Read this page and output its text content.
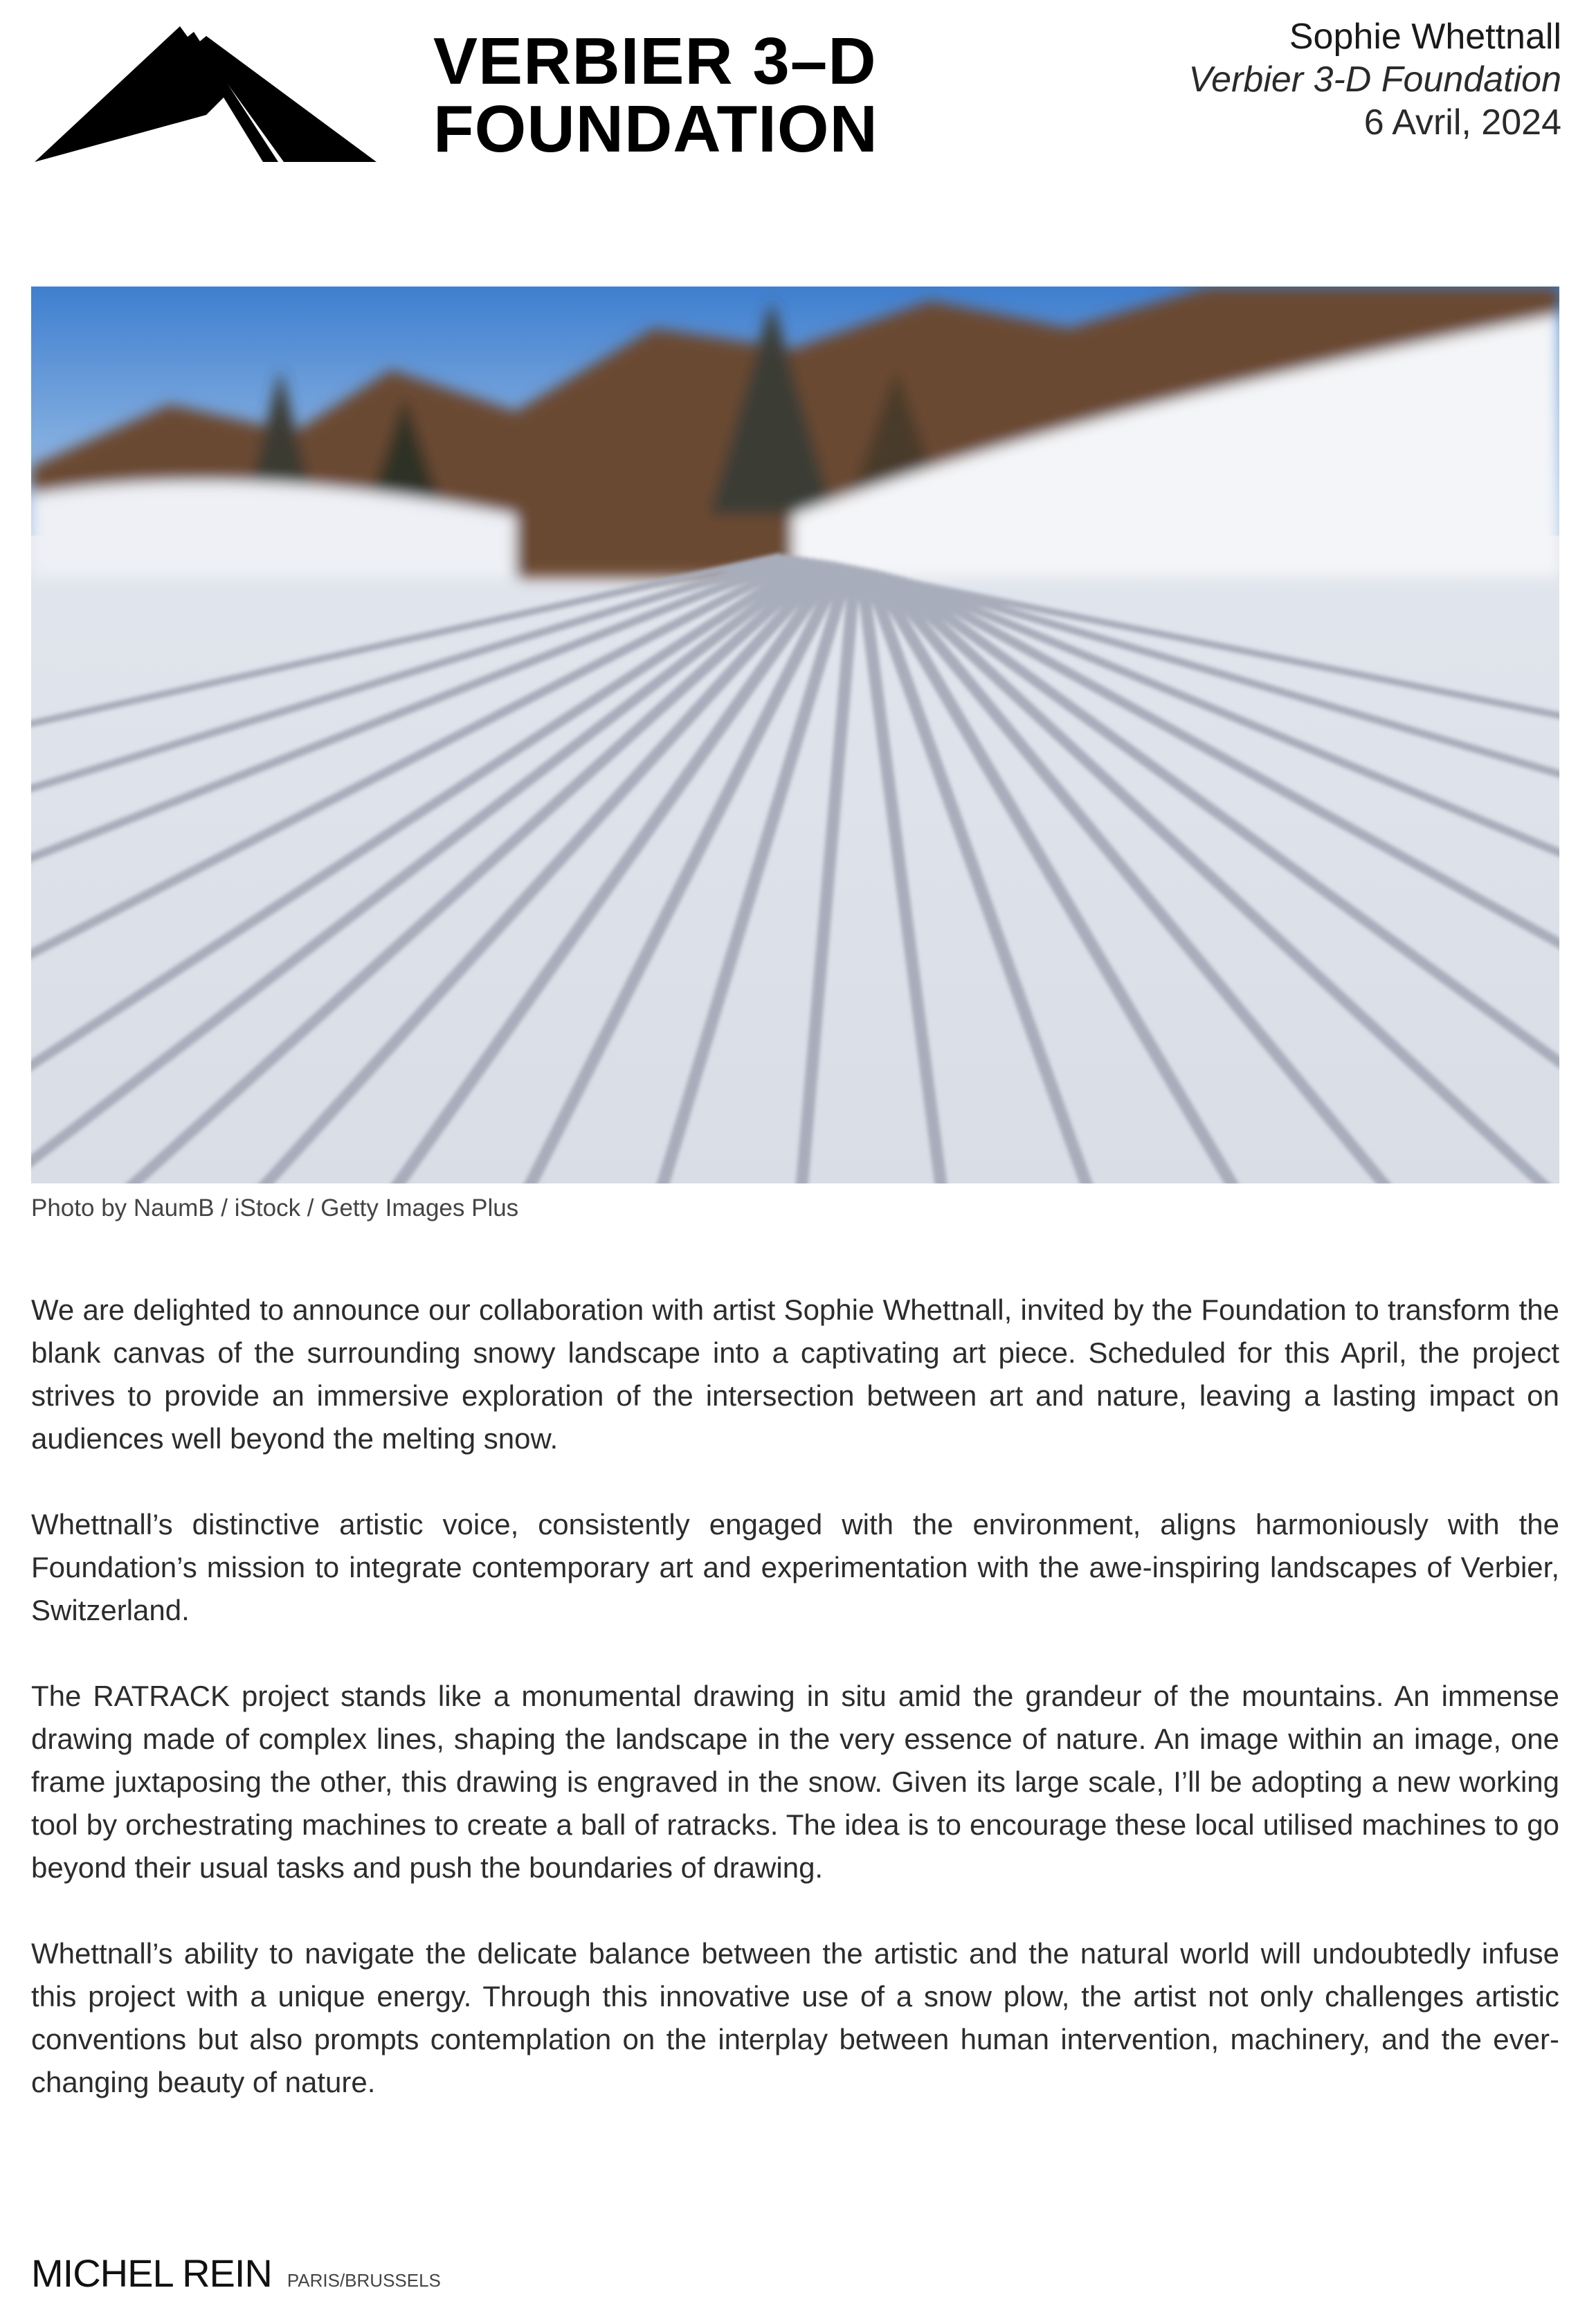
VERBIER 3–D
FOUNDATION
Sophie Whettnall
Verbier 3-D Foundation
6 Avril, 2024
Photo by NaumB / iStock / Getty Images Plus

We are delighted to announce our collaboration with artist Sophie Whettnall, invited by the Foundation to transform the blank canvas of the surrounding snowy landscape into a captivating art piece. Scheduled for this April, the project strives to provide an immersive exploration of the intersection between art and nature, leaving a lasting impact on audiences well beyond the melting snow.

Whettnall’s distinctive artistic voice, consistently engaged with the environment, aligns harmoniously with the Foundation’s mission to integrate contemporary art and experimentation with the awe-inspiring landscapes of Verbier, Switzerland.

The RATRACK project stands like a monumental drawing in situ amid the grandeur of the mountains. An immense drawing made of complex lines, shaping the landscape in the very essence of nature. An image within an image, one frame juxtaposing the other, this drawing is engraved in the snow. Given its large scale, I’ll be adopting a new working tool by orchestrating machines to create a ball of ratracks. The idea is to encourage these local utilised machines to go beyond their usual tasks and push the boundaries of drawing.

Whettnall’s ability to navigate the delicate balance between the artistic and the natural world will undoubtedly infuse this project with a unique energy. Through this innovative use of a snow plow, the artist not only challenges artistic conventions but also prompts contemplation on the interplay between human intervention, machinery, and the ever-changing beauty of nature.

MICHEL REIN PARIS/BRUSSELS
